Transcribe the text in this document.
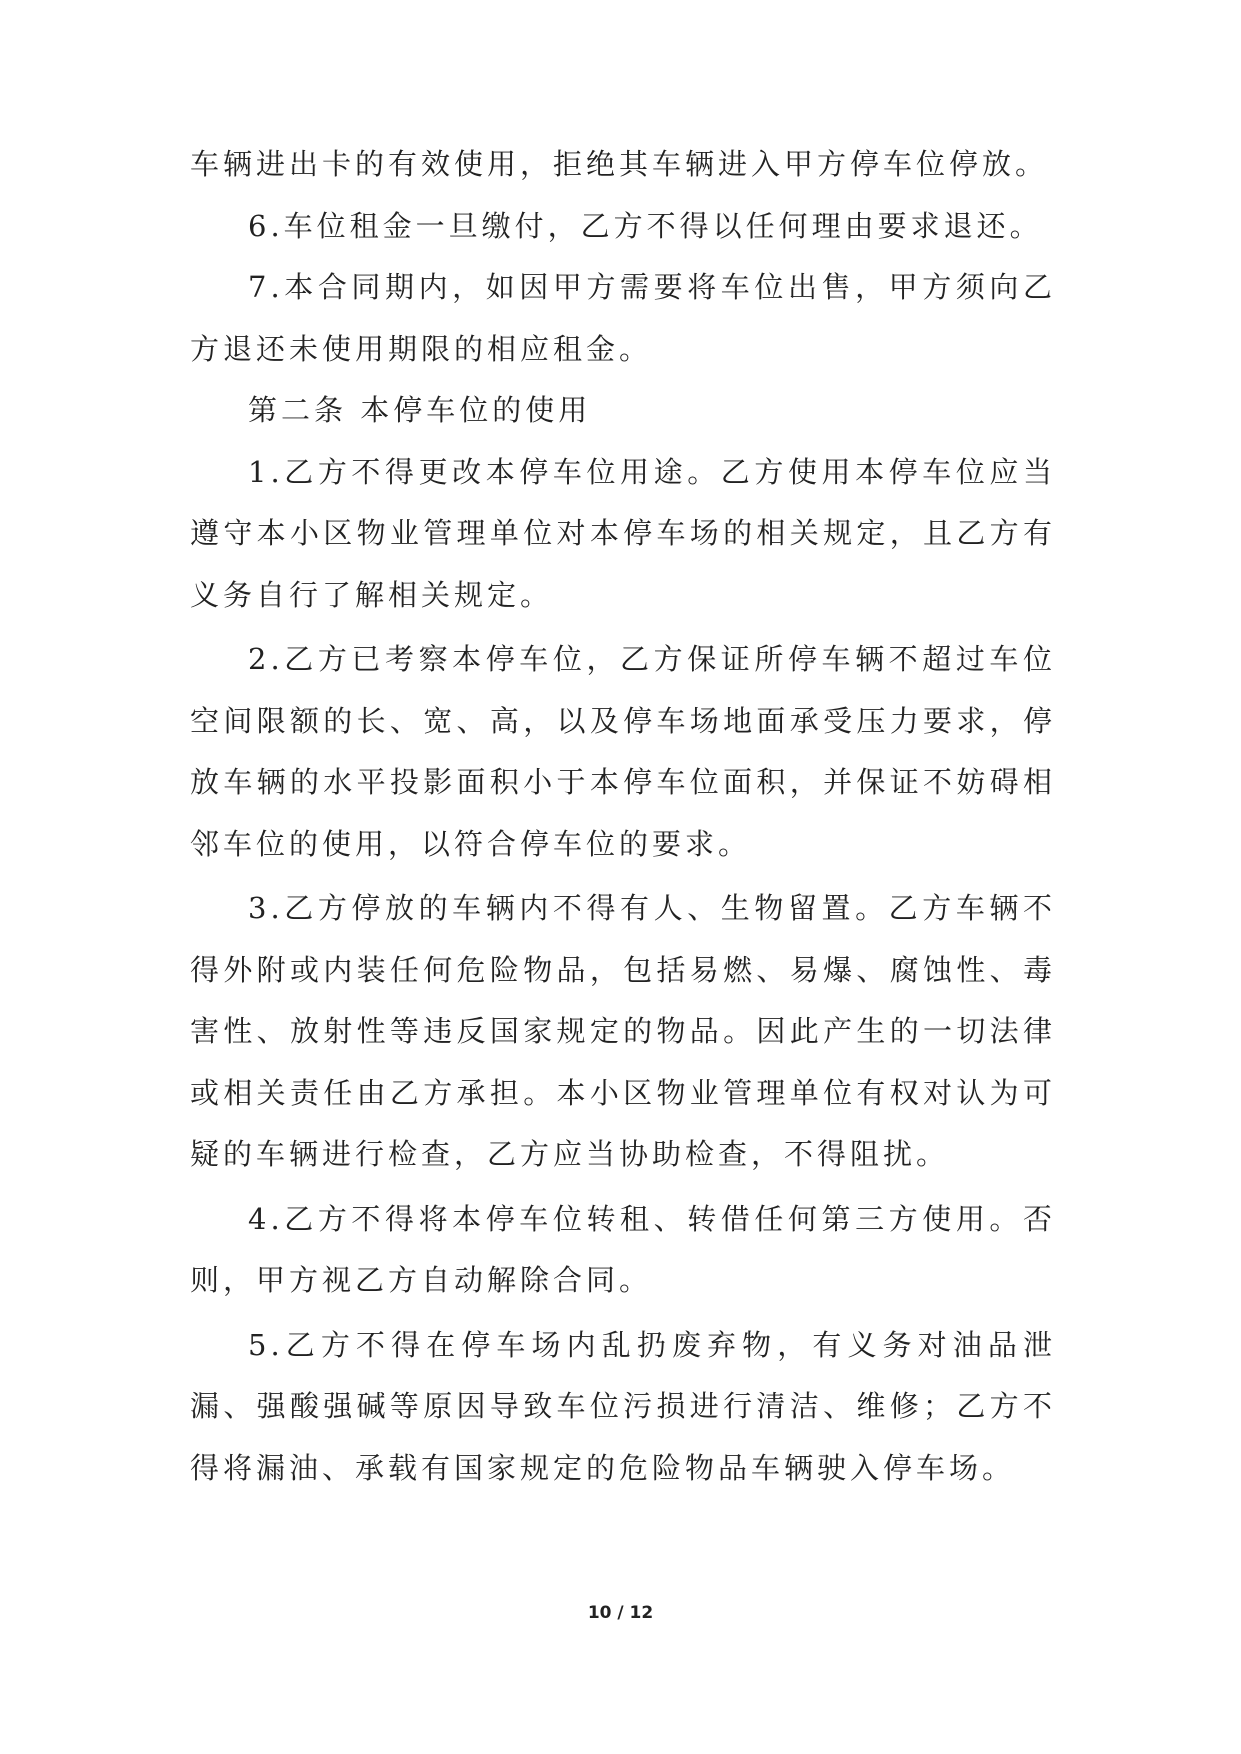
车辆进出卡的有效使用，拒绝其车辆进入甲方停车位停放。

6.车位租金一旦缴付，乙方不得以任何理由要求退还。

7.本合同期内，如因甲方需要将车位出售，甲方须向乙方退还未使用期限的相应租金。

第二条 本停车位的使用

1.乙方不得更改本停车位用途。乙方使用本停车位应当遵守本小区物业管理单位对本停车场的相关规定，且乙方有义务自行了解相关规定。

2.乙方已考察本停车位，乙方保证所停车辆不超过车位空间限额的长、宽、高，以及停车场地面承受压力要求，停放车辆的水平投影面积小于本停车位面积，并保证不妨碍相邻车位的使用，以符合停车位的要求。

3.乙方停放的车辆内不得有人、生物留置。乙方车辆不得外附或内装任何危险物品，包括易燃、易爆、腐蚀性、毒害性、放射性等违反国家规定的物品。因此产生的一切法律或相关责任由乙方承担。本小区物业管理单位有权对认为可疑的车辆进行检查，乙方应当协助检查，不得阻扰。

4.乙方不得将本停车位转租、转借任何第三方使用。否则，甲方视乙方自动解除合同。

5.乙方不得在停车场内乱扔废弃物，有义务对油品泄漏、强酸强碱等原因导致车位污损进行清洁、维修；乙方不得将漏油、承载有国家规定的危险物品车辆驶入停车场。

10 / 12
